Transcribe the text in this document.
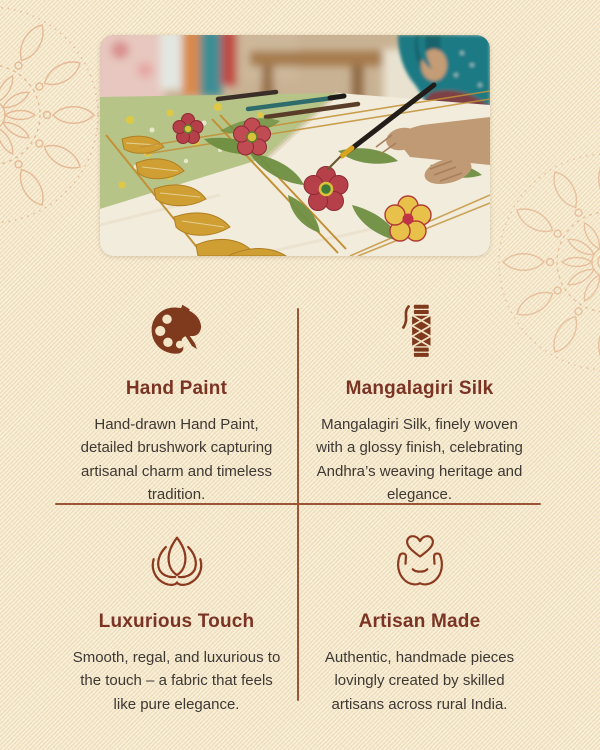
Hand Paint

Hand-drawn Hand Paint, detailed brushwork capturing artisanal charm and timeless tradition.

Mangalagiri Silk

Mangalagiri Silk, finely woven with a glossy finish, celebrating Andhra’s weaving heritage and elegance.

Luxurious Touch

Smooth, regal, and luxurious to the touch – a fabric that feels like pure elegance.

Artisan Made

Authentic, handmade pieces lovingly created by skilled artisans across rural India.
